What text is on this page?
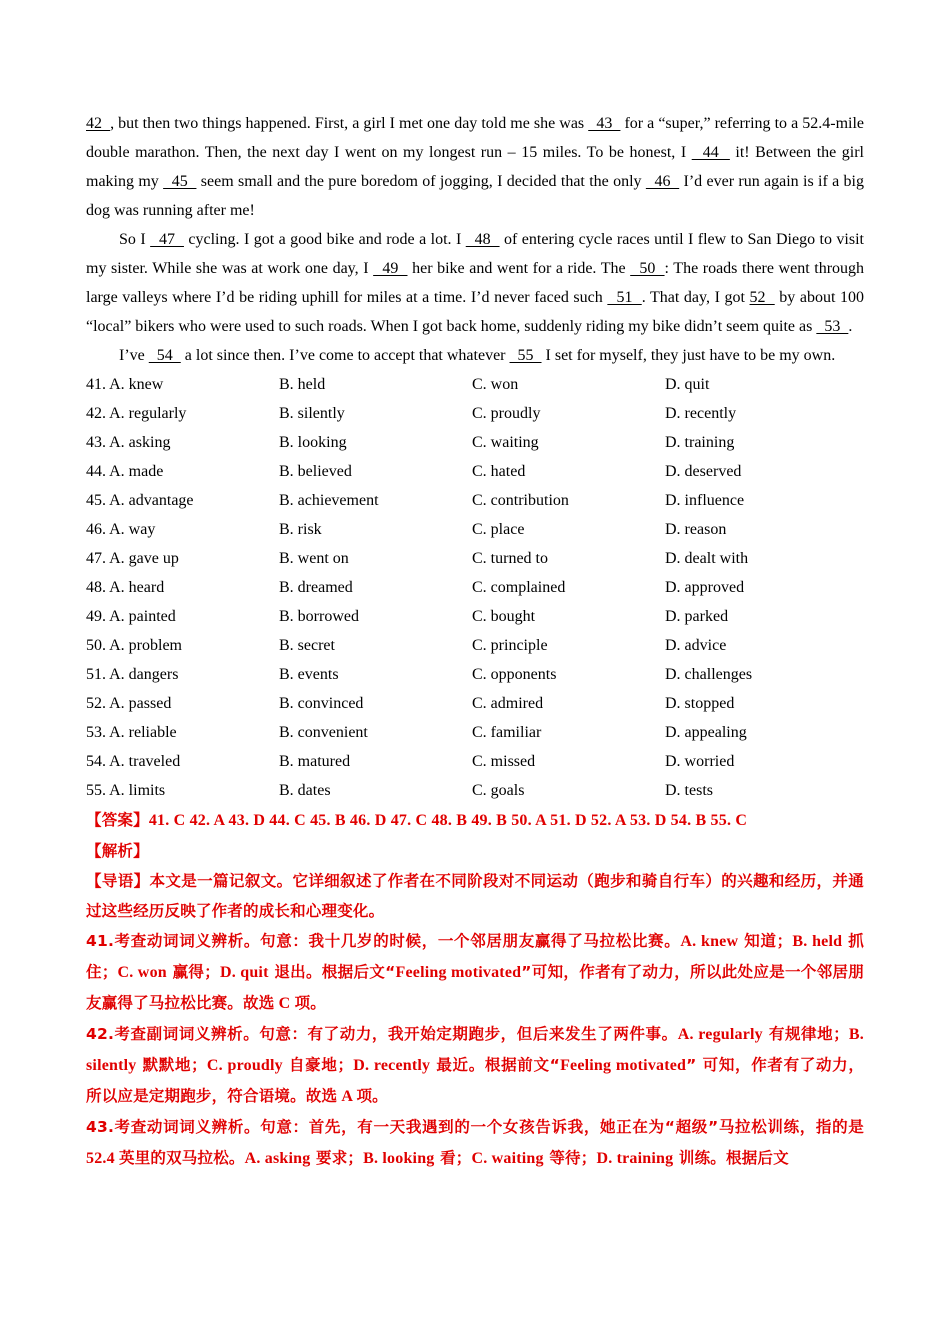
42  , but then two things happened. First, a girl I met one day told me she was   43   for a “super,” referring to a 52.4-mile double marathon. Then, the next day I went on my longest run – 15 miles. To be honest, I   44   it! Between the girl making my   45   seem small and the pure boredom of jogging, I decided that the only   46   I’d ever run again is if a big dog was running after me!

So I   47   cycling. I got a good bike and rode a lot. I   48   of entering cycle races until I flew to San Diego to visit my sister. While she was at work one day, I   49   her bike and went for a ride. The   50  : The roads there went through large valleys where I’d be riding uphill for miles at a time. I’d never faced such   51  . That day, I got 52   by about 100 “local” bikers who were used to such roads. When I got back home, suddenly riding my bike didn’t seem quite as   53  .

I’ve   54   a lot since then. I’ve come to accept that whatever   55   I set for myself, they just have to be my own.

41. A. knew	B. held	C. won	D. quit
42. A. regularly	B. silently	C. proudly	D. recently
43. A. asking	B. looking	C. waiting	D. training
44. A. made	B. believed	C. hated	D. deserved
45. A. advantage	B. achievement	C. contribution	D. influence
46. A. way	B. risk	C. place	D. reason
47. A. gave up	B. went on	C. turned to	D. dealt with
48. A. heard	B. dreamed	C. complained	D. approved
49. A. painted	B. borrowed	C. bought	D. parked
50. A. problem	B. secret	C. principle	D. advice
51. A. dangers	B. events	C. opponents	D. challenges
52. A. passed	B. convinced	C. admired	D. stopped
53. A. reliable	B. convenient	C. familiar	D. appealing
54. A. traveled	B. matured	C. missed	D. worried
55. A. limits	B. dates	C. goals	D. tests

【答案】41. C 42. A 43. D 44. C 45. B 46. D 47. C 48. B 49. B 50. A 51. D 52. A 53. D 54. B 55. C

【解析】

【导语】本文是一篇记叙文。它详细叙述了作者在不同阶段对不同运动（跑步和骑自行车）的兴趣和经历，并通过这些经历反映了作者的成长和心理变化。

41.考查动词词义辨析。句意：我十几岁的时候，一个邻居朋友赢得了马拉松比赛。A. knew 知道；B. held 抓住；C. won 赢得；D. quit 退出。根据后文“Feeling motivated”可知，作者有了动力，所以此处应是一个邻居朋友赢得了马拉松比赛。故选 C 项。

42.考查副词词义辨析。句意：有了动力，我开始定期跑步，但后来发生了两件事。A. regularly 有规律地；B. silently 默默地；C. proudly 自豪地；D. recently 最近。根据前文“Feeling motivated” 可知，作者有了动力，所以应是定期跑步，符合语境。故选 A 项。

43.考查动词词义辨析。句意：首先，有一天我遇到的一个女孩告诉我，她正在为“超级”马拉松训练，指的是 52.4 英里的双马拉松。A. asking 要求；B. looking 看；C. waiting 等待；D. training 训练。根据后文
